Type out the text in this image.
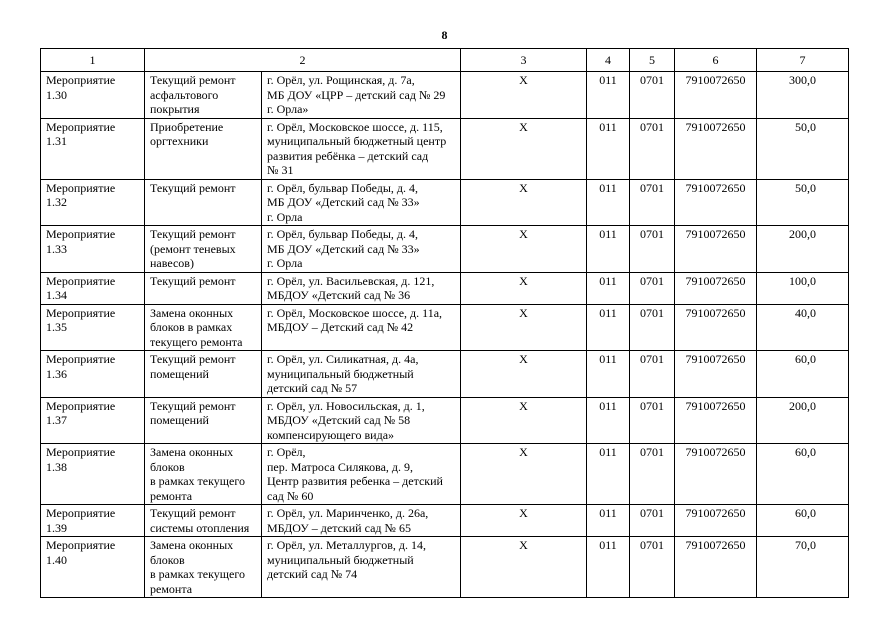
8
1	2		3	4	5	6	7
Мероприятие
1.30	Текущий ремонт
асфальтового
покрытия	г. Орёл, ул. Рощинская, д. 7а,
МБ ДОУ «ЦРР – детский сад № 29
г. Орла»	X	011	0701	7910072650	300,0
Мероприятие
1.31	Приобретение
оргтехники	г. Орёл, Московское шоссе, д. 115,
муниципальный бюджетный центр
развития ребёнка – детский сад
№ 31	X	011	0701	7910072650	50,0
Мероприятие
1.32	Текущий ремонт	г. Орёл, бульвар Победы, д. 4,
МБ ДОУ «Детский сад № 33»
г. Орла	X	011	0701	7910072650	50,0
Мероприятие
1.33	Текущий ремонт
(ремонт теневых
навесов)	г. Орёл, бульвар Победы, д. 4,
МБ ДОУ «Детский сад № 33»
г. Орла	X	011	0701	7910072650	200,0
Мероприятие
1.34	Текущий ремонт	г. Орёл, ул. Васильевская, д. 121,
МБДОУ «Детский сад № 36	X	011	0701	7910072650	100,0
Мероприятие
1.35	Замена оконных
блоков в рамках
текущего ремонта	г. Орёл, Московское шоссе, д. 11а,
МБДОУ – Детский сад № 42	X	011	0701	7910072650	40,0
Мероприятие
1.36	Текущий ремонт
помещений	г. Орёл, ул. Силикатная, д. 4а,
муниципальный бюджетный
детский сад № 57	X	011	0701	7910072650	60,0
Мероприятие
1.37	Текущий ремонт
помещений	г. Орёл, ул. Новосильская, д. 1,
МБДОУ «Детский сад № 58
компенсирующего вида»	X	011	0701	7910072650	200,0
Мероприятие
1.38	Замена оконных
блоков
в рамках текущего
ремонта	г. Орёл,
пер. Матроса Силякова, д. 9,
Центр развития ребенка – детский
сад № 60	X	011	0701	7910072650	60,0
Мероприятие
1.39	Текущий ремонт
системы отопления	г. Орёл, ул. Маринченко, д. 26а,
МБДОУ – детский сад № 65	X	011	0701	7910072650	60,0
Мероприятие
1.40	Замена оконных
блоков
в рамках текущего
ремонта	г. Орёл, ул. Металлургов, д. 14,
муниципальный бюджетный
детский сад № 74	X	011	0701	7910072650	70,0
